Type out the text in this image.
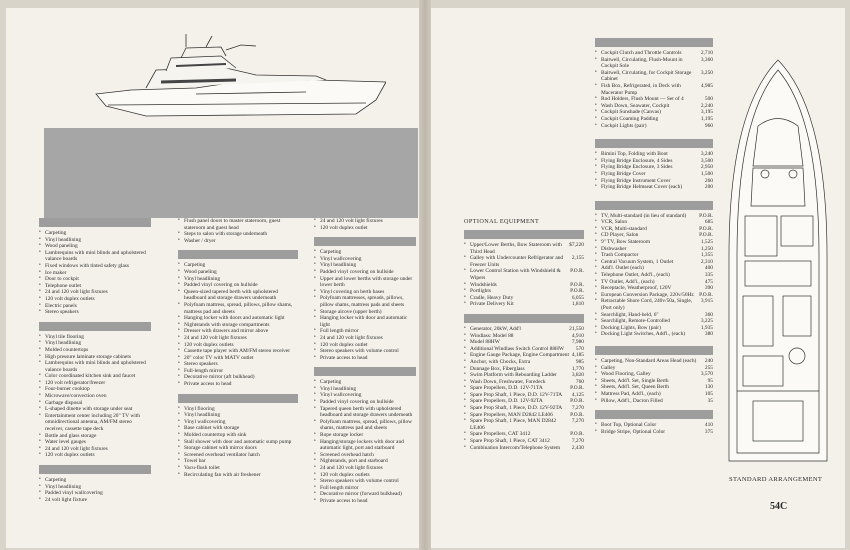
• Carpeting
• Vinyl headlining
• Wood paneling
• Lambrequins with mini blinds and upholstered valance boards
• Fixed windows with tinted safety glass
• Ice maker
• Door to cockpit
• Telephone outlet
• 24 and 120 volt light fixtures
• 120 volt duplex outlets
• Electric panels
• Stereo speakers
• Vinyl tile flooring
• Vinyl headlining
• Molded countertops
• High pressure laminate storage cabinets
• Lambrequins with mini blinds and upholstered valance boards
• Color coordinated kitchen sink and faucet
• 120 volt refrigerator/freezer
• Four-burner cooktop
• Microwave/convection oven
• Garbage disposal
• L-shaped dinette with storage under seat
• Entertainment center including 20" TV with omnidirectional antenna, AM/FM stereo receiver, cassette tape deck
• Bottle and glass storage
• Water level gauges
• 24 and 120 volt light fixtures
• 120 volt duplex outlets
• Carpeting
• Vinyl headlining
• Padded vinyl wallcovering
• 24 volt light fixture
• Flush panel doors to master stateroom, guest stateroom and guest head
• Steps to salon with storage underneath
• Washer / dryer
• Carpeting
• Wood paneling
• Vinyl headlining
• Padded vinyl covering on hullside
• Queen-sized tapered berth with upholstered headboard and storage drawers underneath
• Polyfoam mattress, spread, pillows, pillow shams, mattress pad and sheets
• Hanging locker with doors and automatic light
• Nightstands with storage compartments
• Dresser with drawers and mirror above
• 24 and 120 volt light fixtures
• 120 volt duplex outlets
• Cassette tape player with AM/FM stereo receiver
• 20" color TV with MATV outlet
• Stereo speakers
• Full-length mirror
• Decorative mirror (aft bulkhead)
• Private access to head
• Vinyl flooring
• Vinyl headlining
• Vinyl wallcovering
• Base cabinet with storage
• Molded countertop with sink
• Stall shower with door and automatic sump pump
• Storage cabinet with mirror doors
• Screened overhead ventilator hatch
• Towel bar
• Vacu-flush toilet
• Recirculating fan with air freshener
• 24 and 120 volt light fixtures
• 120 volt duplex outlet
• Carpeting
• Vinyl wallcovering
• Vinyl headlining
• Padded vinyl covering on hullside
• Upper and lower berths with storage under lower berth
• Vinyl covering on berth bases
• Polyfoam mattresses, spreads, pillows, pillow shams, mattress pads and sheets
• Storage alcove (upper berth)
• Hanging locker with door and automatic light
• Full length mirror
• 24 and 120 volt light fixtures
• 120 volt duplex outlet
• Stereo speakers with volume control
• Private access to head
• Carpeting
• Vinyl headlining
• Vinyl wallcovering
• Padded vinyl covering on hullside
• Tapered queen berth with upholstered headboard and storage drawers underneath
• Polyfoam mattress, spread, pillows, pillow shams, mattress pad and sheets
• Rope storage locker
• Hanging/storage lockers with door and automatic light, port and starboard
• Screened overhead hatch
• Nightstands, port and starboard
• 24 and 120 volt light fixtures
• 120 volt duplex outlets
• Stereo speakers with volume control
• Full length mirror
• Decorative mirror (forward bulkhead)
• Private access to head
OPTIONAL EQUIPMENT
• Upper/Lower Berths, Bow Stateroom with Third Head
$7,220
• Galley with Undercounter Refrigerator and Freezer Units
2,155
• Lower Control Station with Windshield & Wipers
P.O.R.
• Windshields	P.O.R.
• Portlights	P.O.R.
• Cradle, Heavy Duty	6,055
• Private Delivery Kit	1,810
• Generator, 20kW, Add'l	21,550
• Windlass: Model 88	4,910
• Model 88HW	7,980
• Additional Windlass Switch Control 88HW	570
• Engine Gauge Package, Engine Compartment 4,185
• Anchor, with Chocks, Extra	985
• Dunnage Box, Fiberglass	1,770
• Swim Platform with Reboarding Ladder	3,820
• Wash Down, Freshwater, Foredeck	760
• Spare Propellers, D.D. 12V-71TA	P.O.R.
• Spare Prop Shaft, 1 Piece, D.D. 12V-71TA	4,125
• Spare Propellers, D.D. 12V-92TA	P.O.R.
• Spare Prop Shaft, 1 Piece, D.D. 12V-92TA	7,270
• Spare Propellers, MAN D2842 LE406	P.O.R.
• Spare Prop Shaft, 1 Piece, MAN D2842 LE406
7,270
• Spare Propellers, CAT 3412	P.O.R.
• Spare Prop Shaft, 1 Piece, CAT 3412	7,270
• Combination Intercom/Telephone System	2,430
• Cockpit Clutch and Throttle Controls	2,710
• Baitwell, Circulating, Flush-Mount in Cockpit Sole
3,360
• Baitwell, Circulating, for Cockpit Storage Cabinet
3,250
• Fish Box, Refrigerated, in Deck with Macerator Pump
4,985
• Rod Holders, Flush Mount — Set of 4	500
• Wash Down, Seawater, Cockpit	2,240
• Cockpit Sunshade (Canvas)	3,195
• Cockpit Coaming Padding	1,195
• Cockpit Lights (pair)	960
• Bimini Top, Folding with Boot	3,240
• Flying Bridge Enclosure, 4 Sides	3,500
• Flying Bridge Enclosure, 3 Sides	2,950
• Flying Bridge Cover	1,500
• Flying Bridge Instrument Cover	260
• Flying Bridge Helmseat Cover (each)	200
• TV, Multi-standard (in lieu of standard)	P.O.R.
• VCR, Salon	685
• VCR, Multi-standard	P.O.R.
• CD Player, Salon	P.O.R.
• 9" TV, Bow Stateroom	1,525
• Dishwasher	1,250
• Trash Compactor	1,355
• Central Vacuum System, 1 Outlet	2,310
• Add'l. Outlet (each)	400
• Telephone Outlet, Add'l., (each)	335
• TV Outlet, Add'l., (each)	475
• Receptacle, Weatherproof, 120V	390
• European Conversion Package, 220v/50Hz P.O.R.
• Retractable Shore Cord, 240v/50a, Single, (Port only)
3,915
• Searchlight, Hand-held, 6"	360
• Searchlight, Remote-Controlled	3,225
• Docking Lights, Bow (pair)	1,935
• Docking Light Switches, Add'l., (each)	380
• Carpeting, Non-Standard Areas Head (each)	240
• Galley	255
• Wood Flooring, Galley	3,570
• Sheets, Add'l. Set, Single Berth	95
• Sheets, Add'l. Set, Queen Berth	130
• Mattress Pad, Add'l., (each)	105
• Pillow, Add'l., Dacron Filled	35
• Boot Top, Optional Color	410
• Bridge Stripe, Optional Color	375
STANDARD ARRANGEMENT
54C
